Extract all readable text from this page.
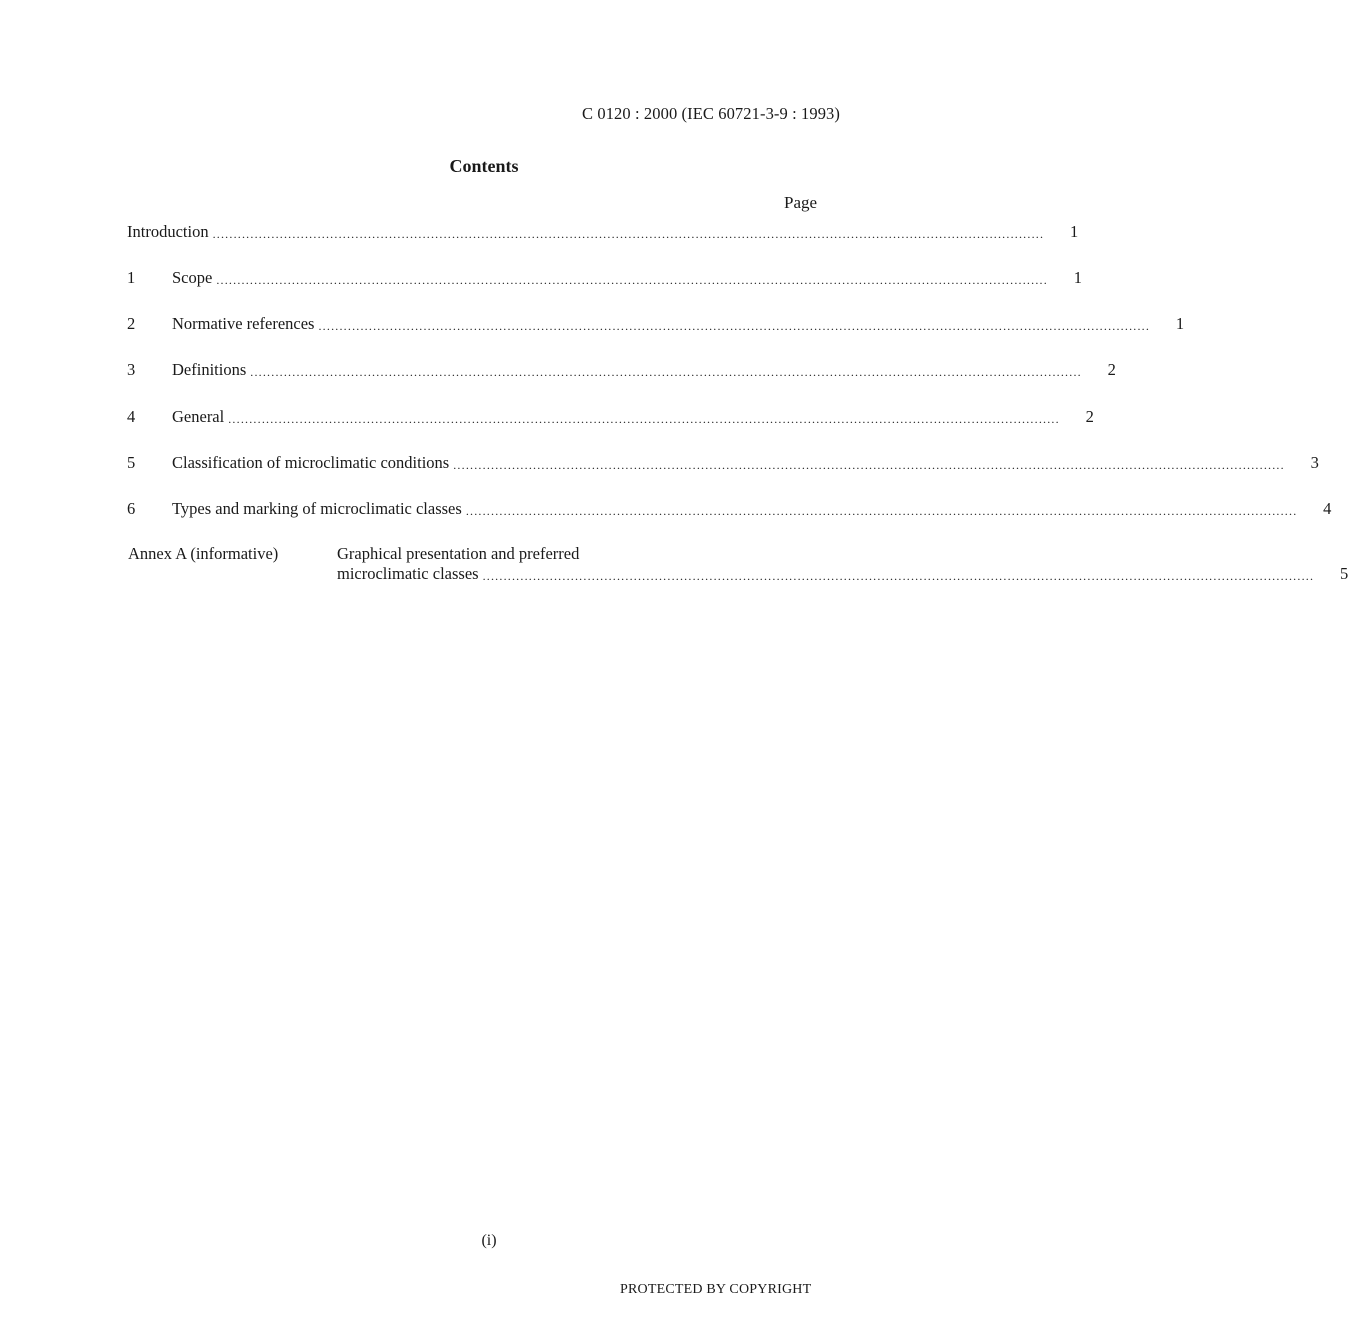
C 0120 : 2000 (IEC 60721-3-9 : 1993)
Contents
Page
Introduction ...................................................................................................................................................................................................... 1
1	Scope ...................................................................................................................................................................................................... 1
2	Normative references ...................................................................................................................................................................................................... 1
3	Definitions ...................................................................................................................................................................................................... 2
4	General ...................................................................................................................................................................................................... 2
5	Classification of microclimatic conditions ...................................................................................................................................................................................................... 3
6	Types and marking of microclimatic classes ...................................................................................................................................................................................................... 4
Annex A (informative)	Graphical presentation and preferred
microclimatic classes ...................................................................................................................................................................................................... 5
(i)
PROTECTED BY COPYRIGHT
